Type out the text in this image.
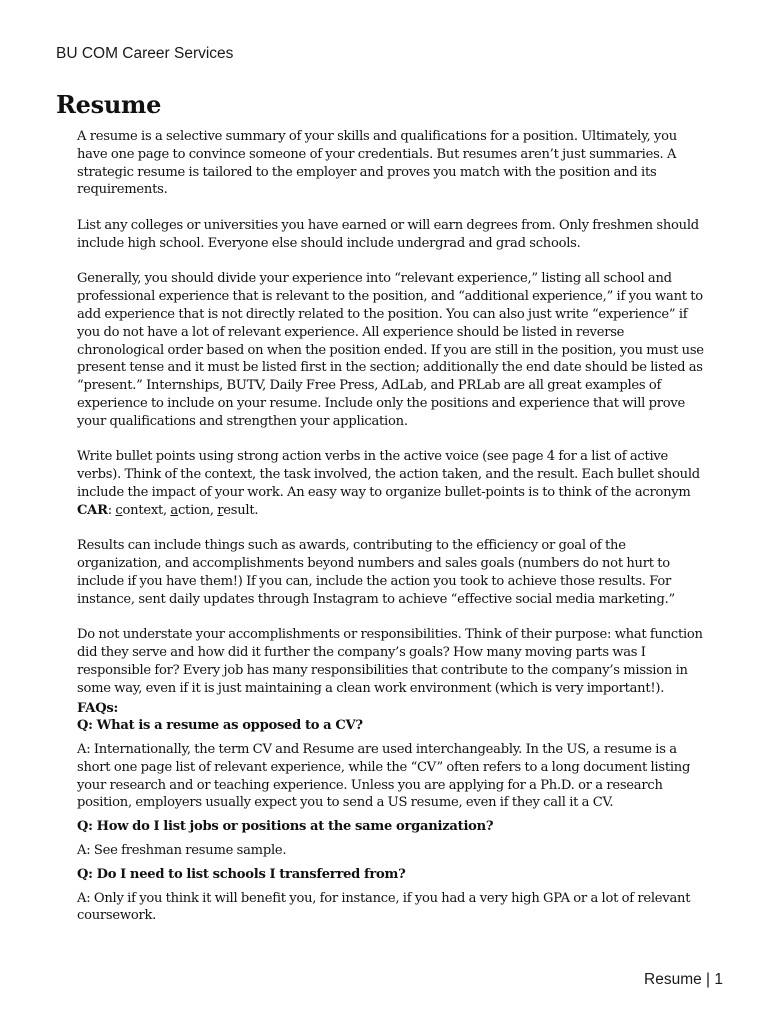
BU COM Career Services
Resume

A resume is a selective summary of your skills and qualifications for a position. Ultimately, you have one page to convince someone of your credentials. But resumes aren’t just summaries. A strategic resume is tailored to the employer and proves you match with the position and its requirements.

List any colleges or universities you have earned or will earn degrees from. Only freshmen should include high school. Everyone else should include undergrad and grad schools.

Generally, you should divide your experience into “relevant experience,” listing all school and professional experience that is relevant to the position, and “additional experience,” if you want to add experience that is not directly related to the position. You can also just write “experience” if you do not have a lot of relevant experience. All experience should be listed in reverse chronological order based on when the position ended. If you are still in the position, you must use present tense and it must be listed first in the section; additionally the end date should be listed as “present.” Internships, BUTV, Daily Free Press, AdLab, and PRLab are all great examples of experience to include on your resume. Include only the positions and experience that will prove your qualifications and strengthen your application.

Write bullet points using strong action verbs in the active voice (see page 4 for a list of active verbs). Think of the context, the task involved, the action taken, and the result. Each bullet should include the impact of your work. An easy way to organize bullet-points is to think of the acronym CAR: context, action, result.

Results can include things such as awards, contributing to the efficiency or goal of the organization, and accomplishments beyond numbers and sales goals (numbers do not hurt to include if you have them!) If you can, include the action you took to achieve those results. For instance, sent daily updates through Instagram to achieve “effective social media marketing.”

Do not understate your accomplishments or responsibilities. Think of their purpose: what function did they serve and how did it further the company’s goals? How many moving parts was I responsible for? Every job has many responsibilities that contribute to the company’s mission in some way, even if it is just maintaining a clean work environment (which is very important!).

FAQs:

Q: What is a resume as opposed to a CV?

A: Internationally, the term CV and Resume are used interchangeably. In the US, a resume is a short one page list of relevant experience, while the “CV” often refers to a long document listing your research and or teaching experience. Unless you are applying for a Ph.D. or a research position, employers usually expect you to send a US resume, even if they call it a CV.

Q: How do I list jobs or positions at the same organization?

A: See freshman resume sample.

Q: Do I need to list schools I transferred from?

A: Only if you think it will benefit you, for instance, if you had a very high GPA or a lot of relevant coursework.

Resume | 1
